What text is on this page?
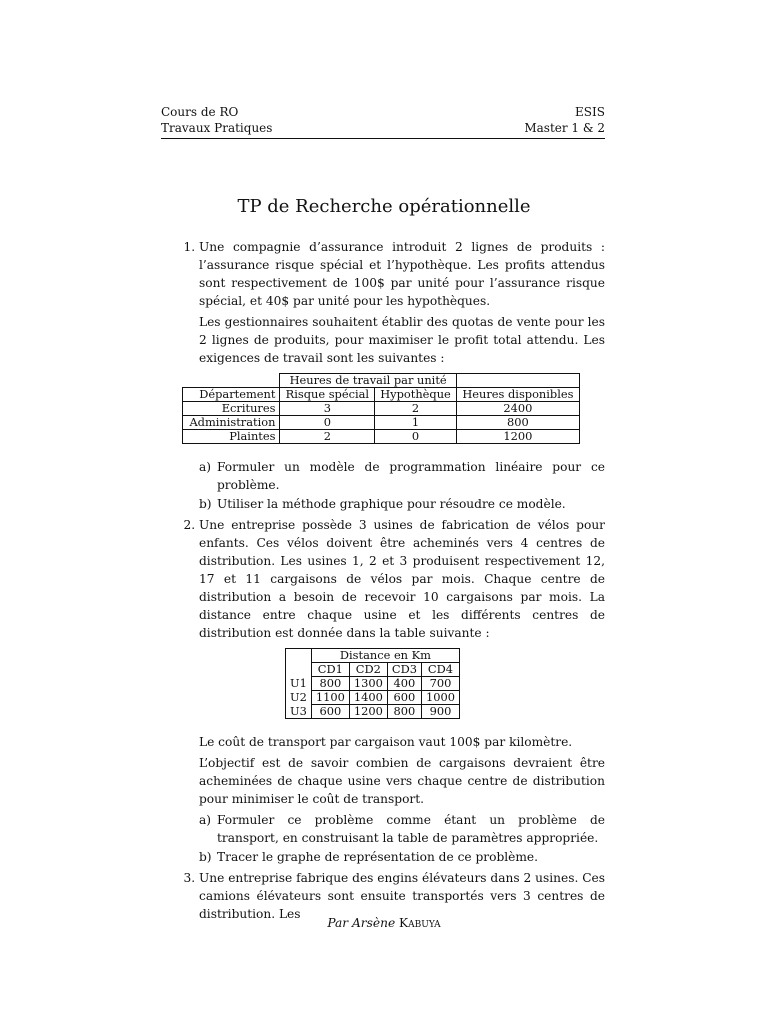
Cours de RO
Travaux Pratiques
ESIS
Master 1 & 2
TP de Recherche opérationnelle

1. Une compagnie d’assurance introduit 2 lignes de produits : l’assurance risque spécial et l’hypothèque. Les profits attendus sont respectivement de 100$ par unité pour l’assurance risque spécial, et 40$ par unité pour les hypothèques.

Les gestionnaires souhaitent établir des quotas de vente pour les 2 lignes de produits, pour maximiser le profit total attendu. Les exigences de travail sont les suivantes :

	Heures de travail par unité		
Département	Risque spécial	Hypothèque	Heures disponibles
Ecritures	3	2	2400
Administration	0	1	800
Plaintes	2	0	1200
a) Formuler un modèle de programmation linéaire pour ce problème.
b) Utiliser la méthode graphique pour résoudre ce modèle.

2. Une entreprise possède 3 usines de fabrication de vélos pour enfants. Ces vélos doivent être acheminés vers 4 centres de distribution. Les usines 1, 2 et 3 produisent respectivement 12, 17 et 11 cargaisons de vélos par mois. Chaque centre de distribution a besoin de recevoir 10 cargaisons par mois. La distance entre chaque usine et les différents centres de distribution est donnée dans la table suivante :

	Distance en Km			
	CD1	CD2	CD3	CD4
U1	800	1300	400	700
U2	1100	1400	600	1000
U3	600	1200	800	900

Le coût de transport par cargaison vaut 100$ par kilomètre.

L’objectif est de savoir combien de cargaisons devraient être acheminées de chaque usine vers chaque centre de distribution pour minimiser le coût de transport.

a) Formuler ce problème comme étant un problème de transport, en construisant la table de paramètres appropriée.
b) Tracer le graphe de représentation de ce problème.

3. Une entreprise fabrique des engins élévateurs dans 2 usines. Ces camions élévateurs sont ensuite transportés vers 3 centres de distribution. Les

Par Arsène Kabuya
